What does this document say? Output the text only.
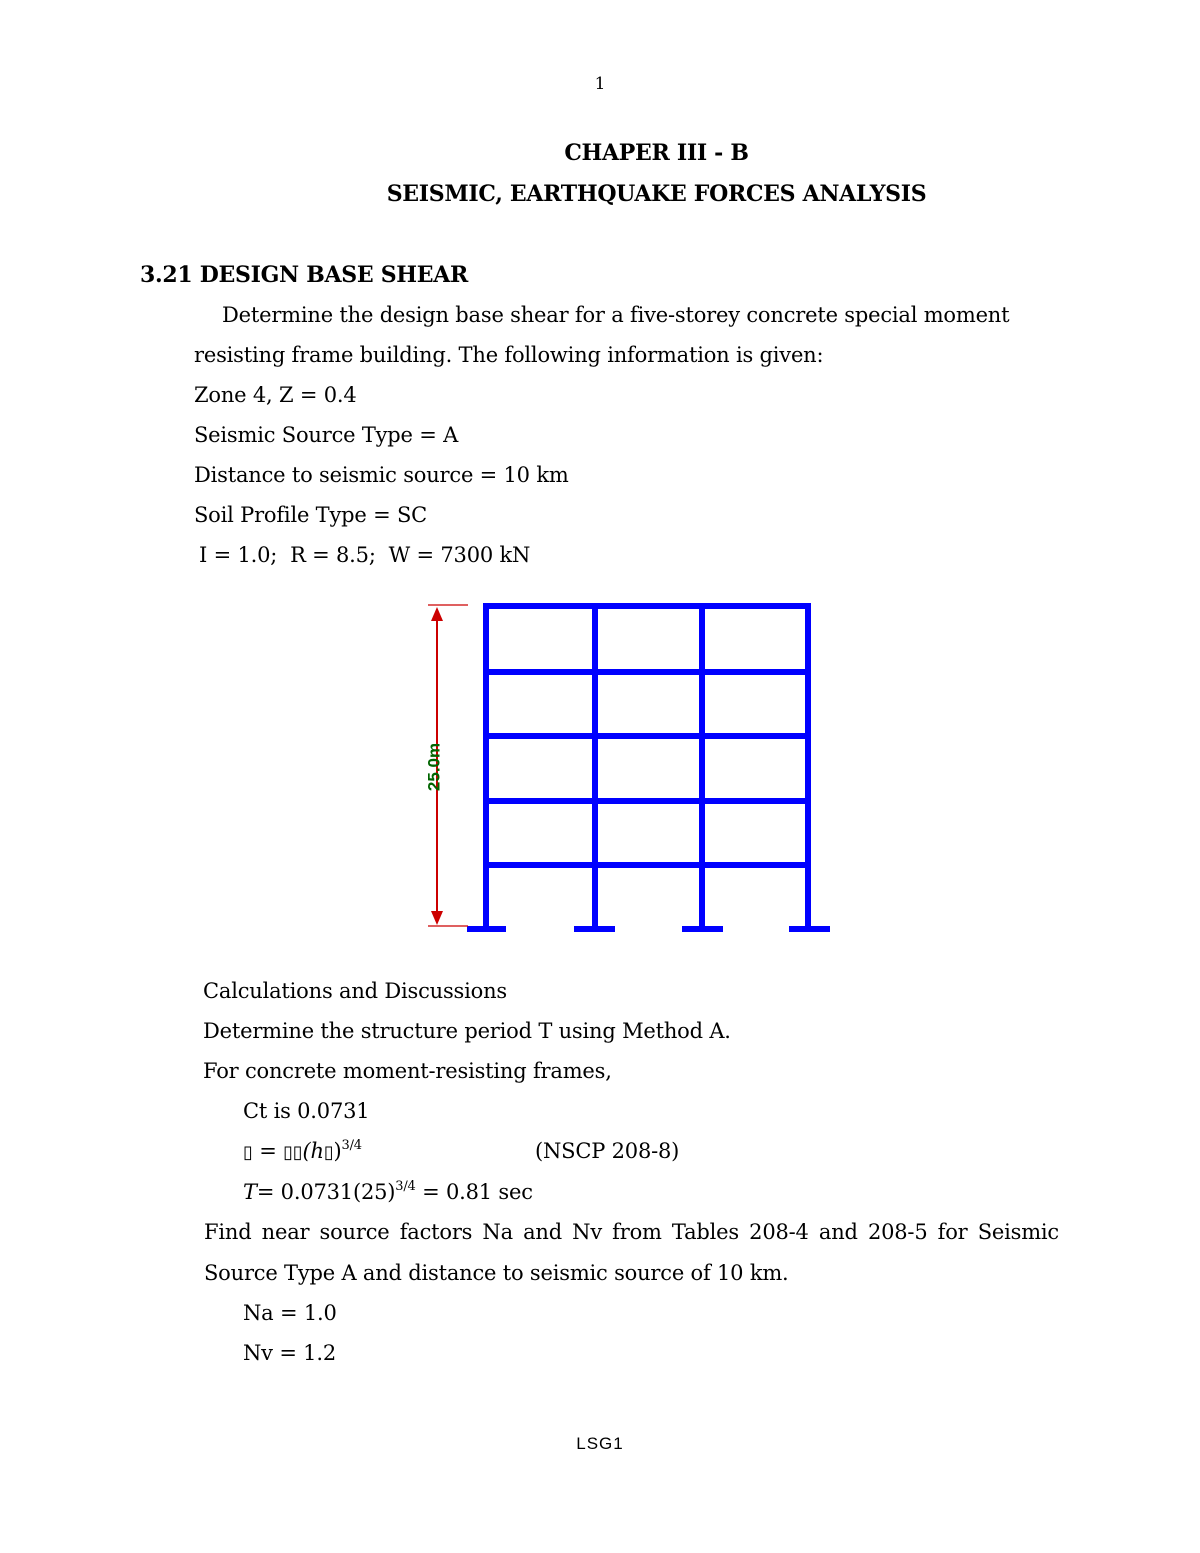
1
CHAPER III - B
SEISMIC, EARTHQUAKE FORCES ANALYSIS
3.21 DESIGN BASE SHEAR
Determine the design base shear for a five-storey concrete special moment
resisting frame building. The following information is given:
Zone 4, Z = 0.4
Seismic Source Type = A
Distance to seismic source = 10 km
Soil Profile Type = SC
I = 1.0;  R = 8.5;  W = 7300 kN
25.0m
Calculations and Discussions
Determine the structure period T using Method A.
For concrete moment-resisting frames,
Ct is 0.0731
▯ = ▯▯(h▯)$^{3/4}$	(NSCP 208-8)
$T= 0.0731(25)^{3/4} = 0.81$ sec
Find near source factors Na and Nv from Tables 208-4 and 208-5 for Seismic
Source Type A and distance to seismic source of 10 km.
Na = 1.0
Nv = 1.2
LSG1
